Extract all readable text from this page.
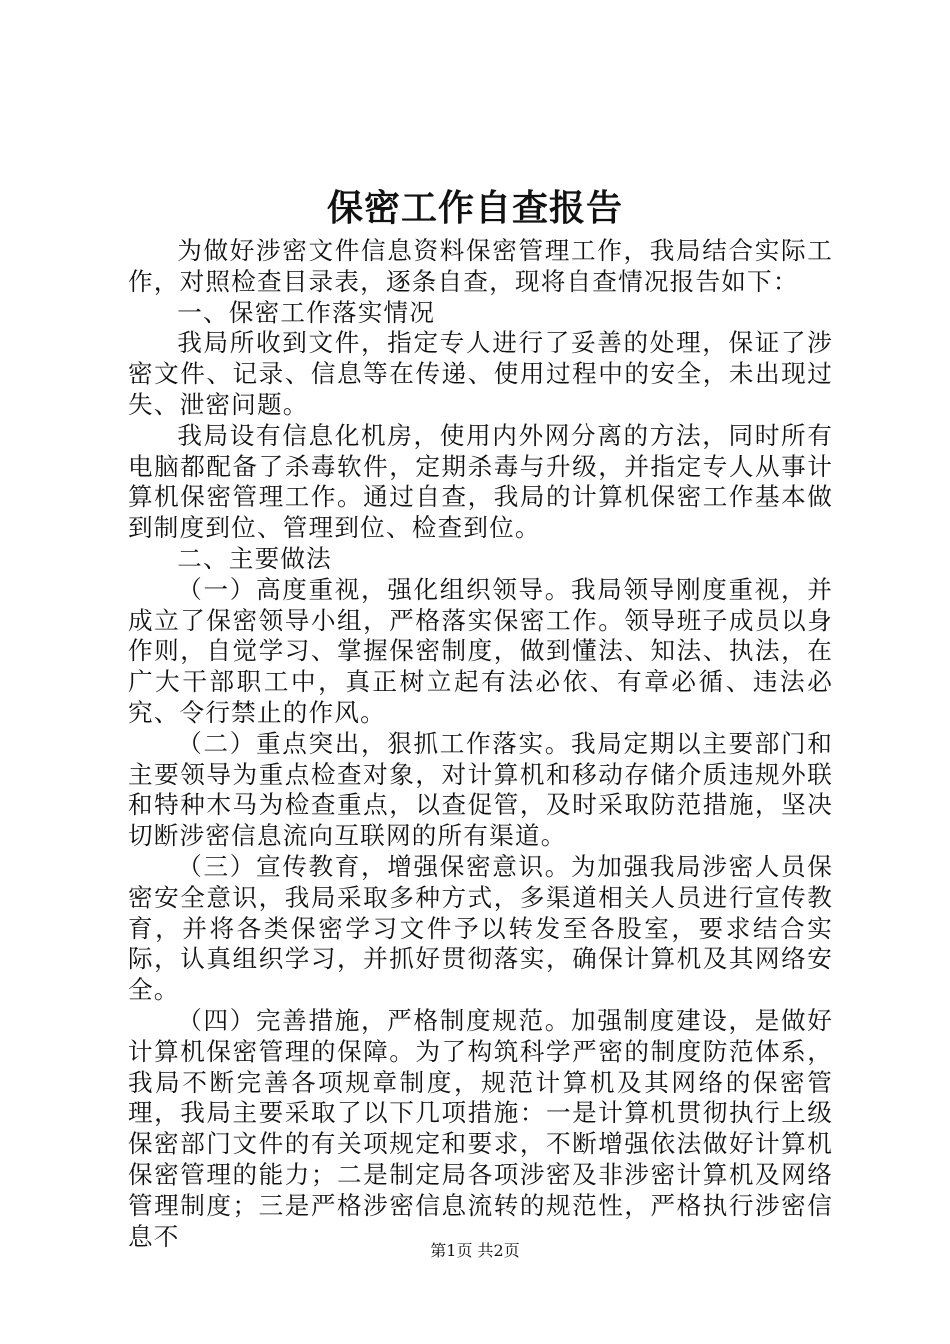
保密工作自查报告

为做好涉密文件信息资料保密管理工作，我局结合实际工作，对照检查目录表，逐条自查，现将自查情况报告如下：

一、保密工作落实情况

我局所收到文件，指定专人进行了妥善的处理，保证了涉密文件、记录、信息等在传递、使用过程中的安全，未出现过失、泄密问题。

我局设有信息化机房，使用内外网分离的方法，同时所有电脑都配备了杀毒软件，定期杀毒与升级，并指定专人从事计算机保密管理工作。通过自查，我局的计算机保密工作基本做到制度到位、管理到位、检查到位。

二、主要做法

（一）高度重视，强化组织领导。我局领导刚度重视，并成立了保密领导小组，严格落实保密工作。领导班子成员以身作则，自觉学习、掌握保密制度，做到懂法、知法、执法，在广大干部职工中，真正树立起有法必依、有章必循、违法必究、令行禁止的作风。

（二）重点突出，狠抓工作落实。我局定期以主要部门和主要领导为重点检查对象，对计算机和移动存储介质违规外联和特种木马为检查重点，以查促管，及时采取防范措施，坚决切断涉密信息流向互联网的所有渠道。

（三）宣传教育，增强保密意识。为加强我局涉密人员保密安全意识，我局采取多种方式，多渠道相关人员进行宣传教育，并将各类保密学习文件予以转发至各股室，要求结合实际，认真组织学习，并抓好贯彻落实，确保计算机及其网络安全。

（四）完善措施，严格制度规范。加强制度建设，是做好计算机保密管理的保障。为了构筑科学严密的制度防范体系，我局不断完善各项规章制度，规范计算机及其网络的保密管理，我局主要采取了以下几项措施：一是计算机贯彻执行上级保密部门文件的有关项规定和要求，不断增强依法做好计算机保密管理的能力；二是制定局各项涉密及非涉密计算机及网络管理制度；三是严格涉密信息流转的规范性，严格执行涉密信息不	第1页 共2页
